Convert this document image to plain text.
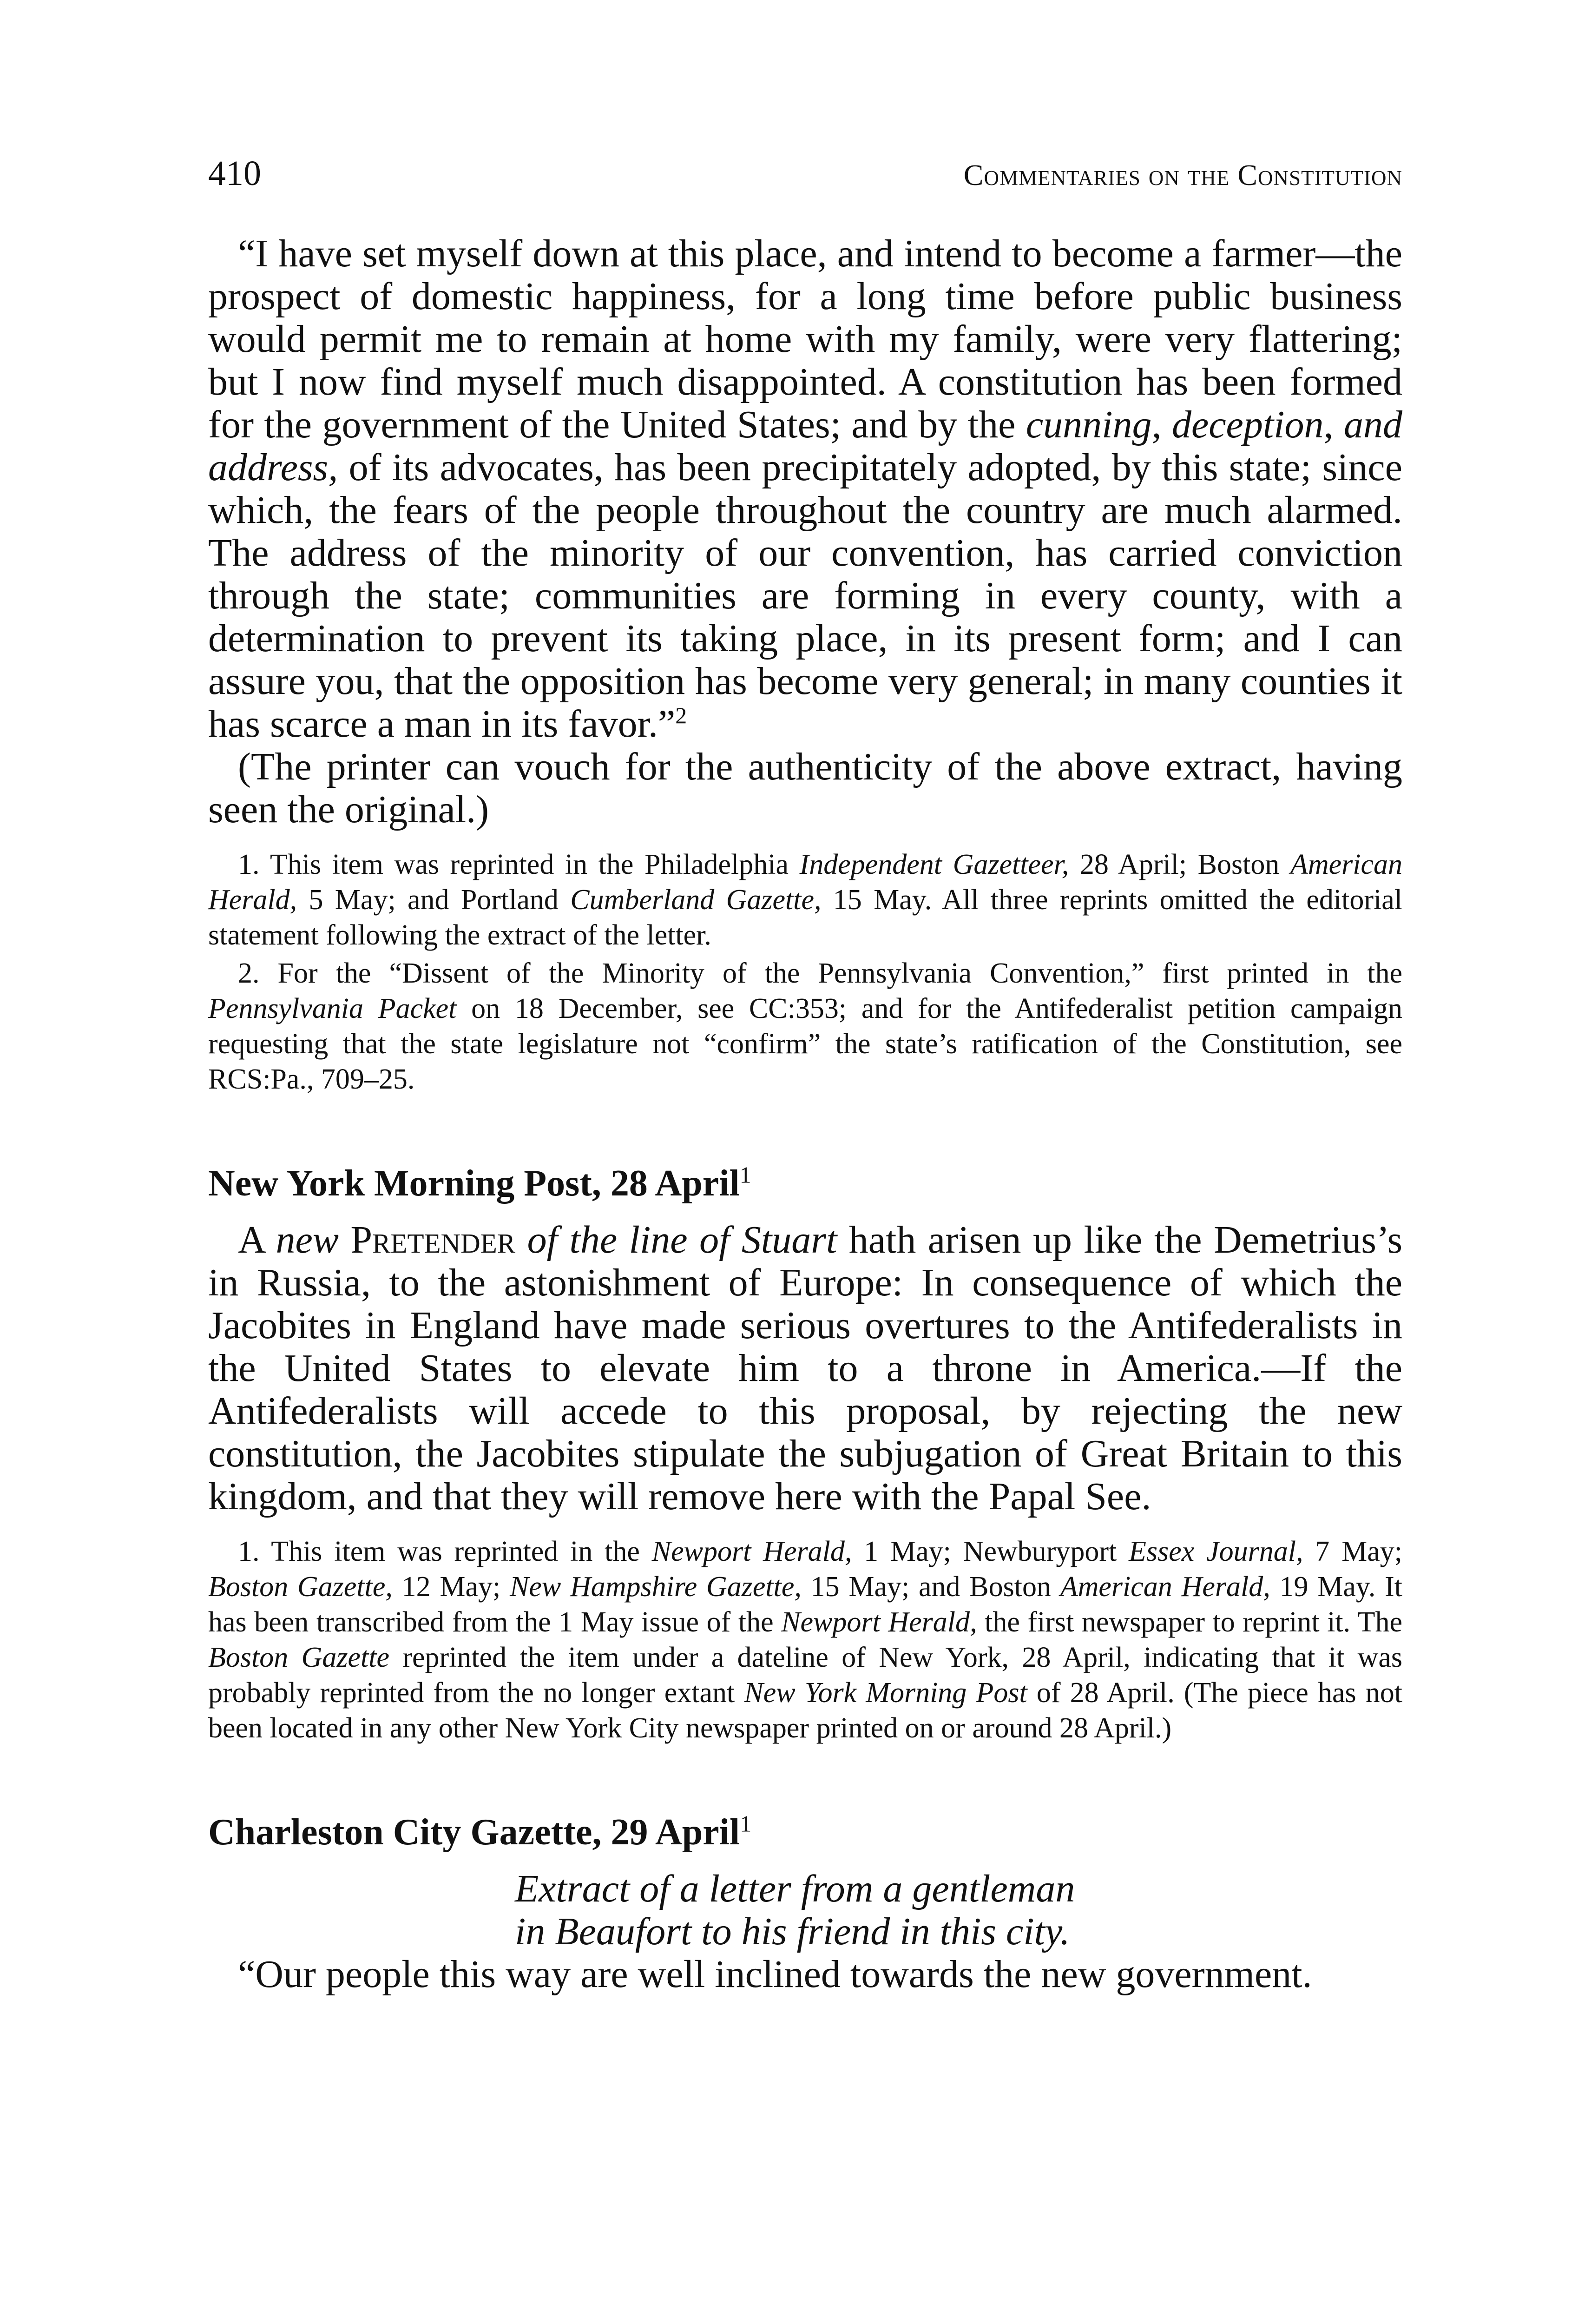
410	Commentaries on the Constitution

“I have set myself down at this place, and intend to become a farmer—the prospect of domestic happiness, for a long time before public business would permit me to remain at home with my family, were very flattering; but I now find myself much disappointed. A constitution has been formed for the government of the United States; and by the cunning, deception, and address, of its advocates, has been precipitately adopted, by this state; since which, the fears of the people throughout the country are much alarmed. The address of the minority of our convention, has carried conviction through the state; communities are forming in every county, with a determination to prevent its taking place, in its present form; and I can assure you, that the opposition has become very general; in many counties it has scarce a man in its favor.”$^2$

(The printer can vouch for the authenticity of the above extract, having seen the original.)

1. This item was reprinted in the Philadelphia Independent Gazetteer, 28 April; Boston American Herald, 5 May; and Portland Cumberland Gazette, 15 May. All three reprints omitted the editorial statement following the extract of the letter.

2. For the “Dissent of the Minority of the Pennsylvania Convention,” first printed in the Pennsylvania Packet on 18 December, see CC:353; and for the Antifederalist petition campaign requesting that the state legislature not “confirm” the state’s ratification of the Constitution, see RCS:Pa., 709–25.

New York Morning Post, 28 April$^1$

A new Pretender of the line of Stuart hath arisen up like the Demetrius’s in Russia, to the astonishment of Europe: In consequence of which the Jacobites in England have made serious overtures to the Antifederalists in the United States to elevate him to a throne in America.—If the Antifederalists will accede to this proposal, by rejecting the new constitution, the Jacobites stipulate the subjugation of Great Britain to this kingdom, and that they will remove here with the Papal See.

1. This item was reprinted in the Newport Herald, 1 May; Newburyport Essex Journal, 7 May; Boston Gazette, 12 May; New Hampshire Gazette, 15 May; and Boston American Herald, 19 May. It has been transcribed from the 1 May issue of the Newport Herald, the first newspaper to reprint it. The Boston Gazette reprinted the item under a dateline of New York, 28 April, indicating that it was probably reprinted from the no longer extant New York Morning Post of 28 April. (The piece has not been located in any other New York City newspaper printed on or around 28 April.)

Charleston City Gazette, 29 April$^1$

Extract of a letter from a gentleman

in Beaufort to his friend in this city.

“Our people this way are well inclined towards the new government.
